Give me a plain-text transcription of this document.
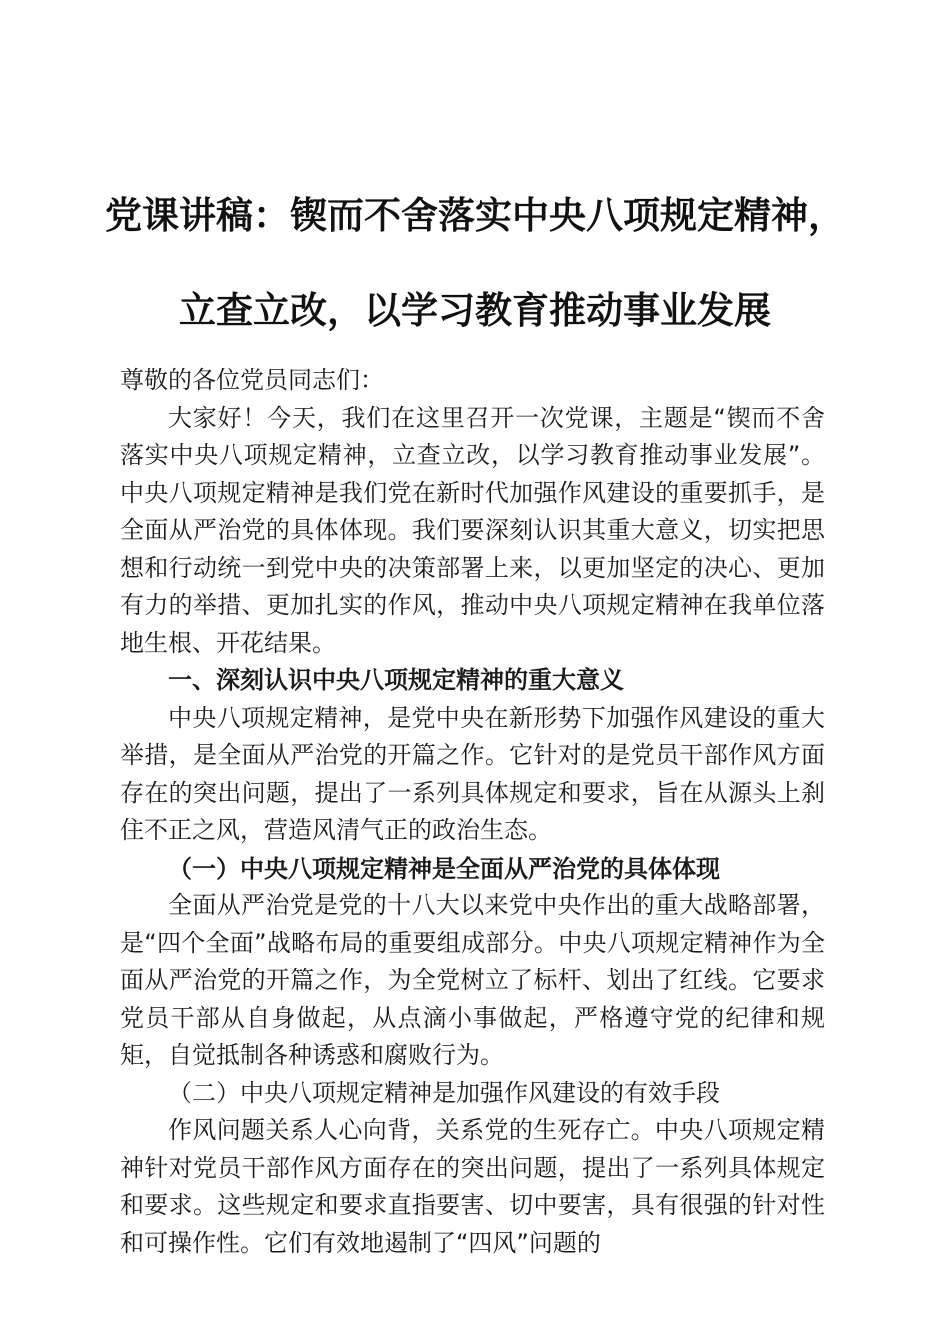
党课讲稿：锲而不舍落实中央八项规定精神，
立查立改，以学习教育推动事业发展

尊敬的各位党员同志们：

大家好！今天，我们在这里召开一次党课，主题是“锲而不舍落实中央八项规定精神，立查立改，以学习教育推动事业发展”。中央八项规定精神是我们党在新时代加强作风建设的重要抓手，是全面从严治党的具体体现。我们要深刻认识其重大意义，切实把思想和行动统一到党中央的决策部署上来，以更加坚定的决心、更加有力的举措、更加扎实的作风，推动中央八项规定精神在我单位落地生根、开花结果。

一、深刻认识中央八项规定精神的重大意义

中央八项规定精神，是党中央在新形势下加强作风建设的重大举措，是全面从严治党的开篇之作。它针对的是党员干部作风方面存在的突出问题，提出了一系列具体规定和要求，旨在从源头上刹住不正之风，营造风清气正的政治生态。

（一）中央八项规定精神是全面从严治党的具体体现

全面从严治党是党的十八大以来党中央作出的重大战略部署，是“四个全面”战略布局的重要组成部分。中央八项规定精神作为全面从严治党的开篇之作，为全党树立了标杆、划出了红线。它要求党员干部从自身做起，从点滴小事做起，严格遵守党的纪律和规矩，自觉抵制各种诱惑和腐败行为。

（二）中央八项规定精神是加强作风建设的有效手段

作风问题关系人心向背，关系党的生死存亡。中央八项规定精神针对党员干部作风方面存在的突出问题，提出了一系列具体规定和要求。这些规定和要求直指要害、切中要害，具有很强的针对性和可操作性。它们有效地遏制了“四风”问题的
